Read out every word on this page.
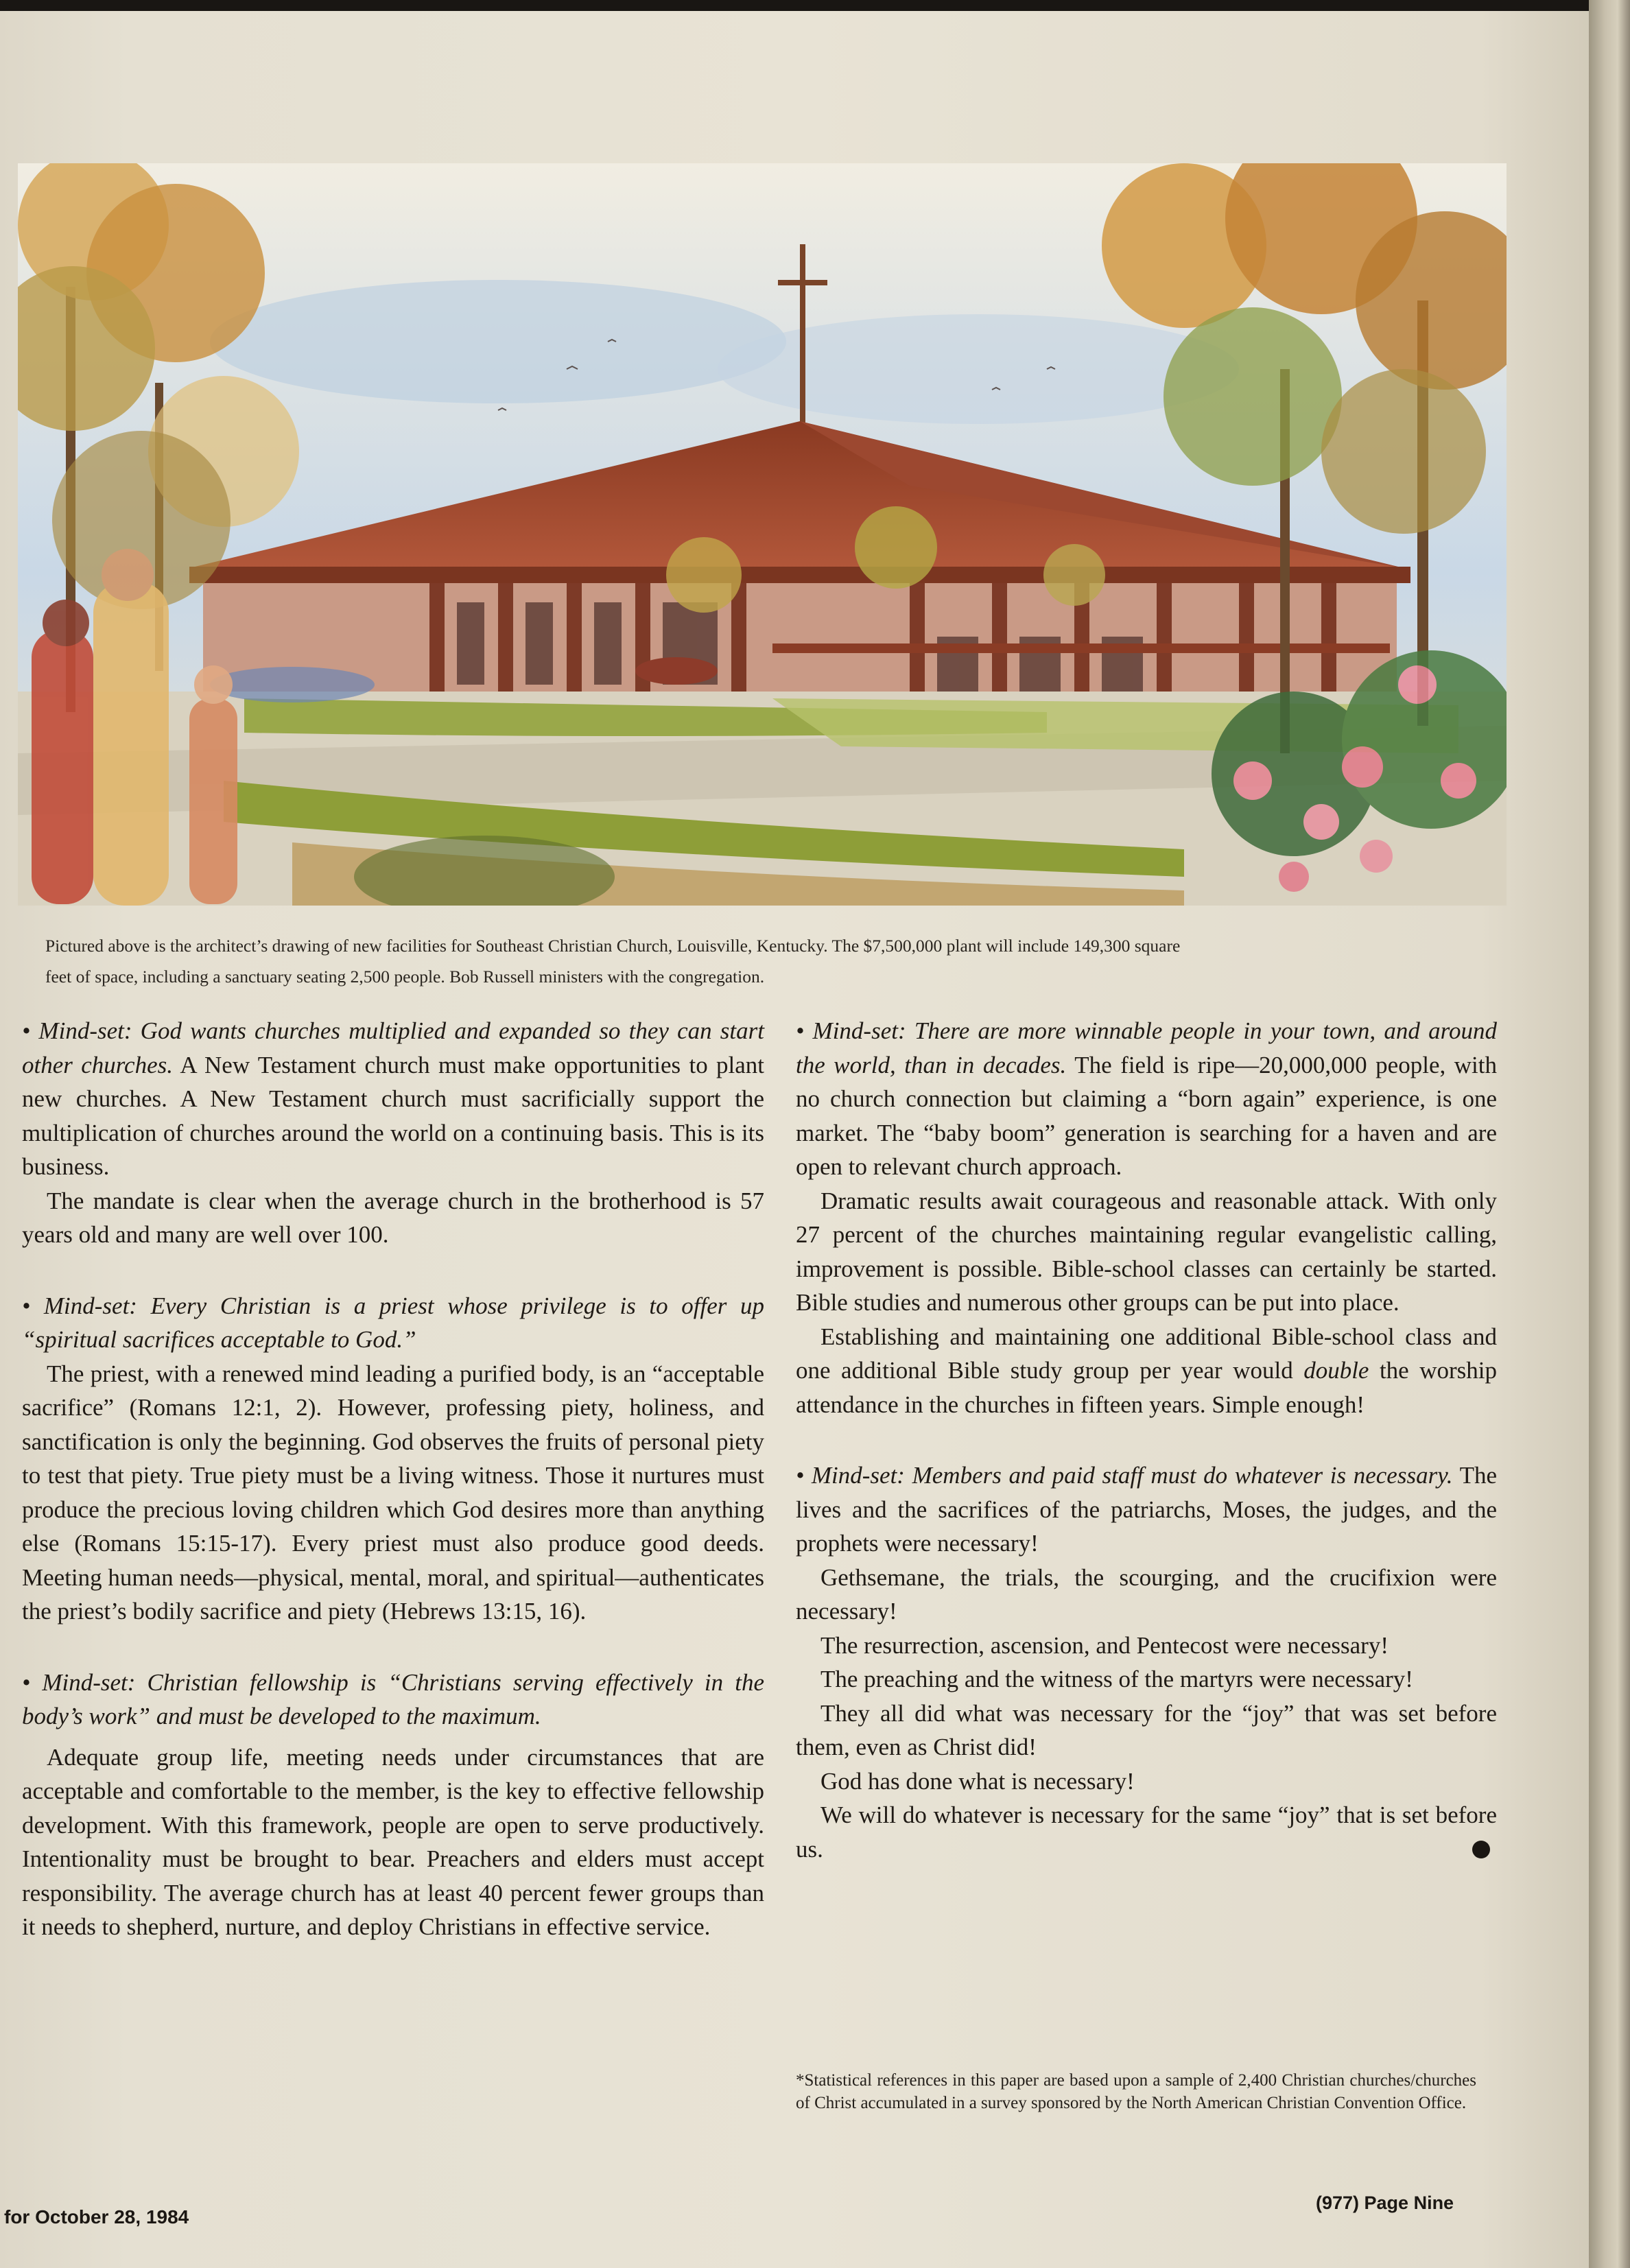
Pictured above is the architect’s drawing of new facilities for Southeast Christian Church, Louisville, Kentucky. The $7,500,000 plant will include 149,300 square
feet of space, including a sanctuary seating 2,500 people. Bob Russell ministers with the congregation.

• Mind-set: God wants churches multiplied and expanded so they can start other churches. A New Testament church must make opportunities to plant new churches. A New Testament church must sacrificially support the multiplication of churches around the world on a continuing basis. This is its business.

The mandate is clear when the average church in the brotherhood is 57 years old and many are well over 100.

• Mind-set: Every Christian is a priest whose privilege is to offer up “spiritual sacrifices acceptable to God.”

The priest, with a renewed mind leading a purified body, is an “acceptable sacrifice” (Romans 12:1, 2). However, professing piety, holiness, and sanctification is only the beginning. God observes the fruits of personal piety to test that piety. True piety must be a living witness. Those it nurtures must produce the precious loving children which God desires more than anything else (Romans 15:15-17). Every priest must also produce good deeds. Meeting human needs—physical, mental, moral, and spiritual—authenticates the priest’s bodily sacrifice and piety (Hebrews 13:15, 16).

• Mind-set: Christian fellowship is “Christians serving effectively in the body’s work” and must be developed to the maximum.

Adequate group life, meeting needs under circumstances that are acceptable and comfortable to the member, is the key to effective fellowship development. With this framework, people are open to serve productively. Intentionality must be brought to bear. Preachers and elders must accept responsibility. The average church has at least 40 percent fewer groups than it needs to shepherd, nurture, and deploy Christians in effective service.

• Mind-set: There are more winnable people in your town, and around the world, than in decades. The field is ripe—20,000,000 people, with no church connection but claiming a “born again” experience, is one market. The “baby boom” generation is searching for a haven and are open to relevant church approach.

Dramatic results await courageous and reasonable attack. With only 27 percent of the churches maintaining regular evangelistic calling, improvement is possible. Bible-school classes can certainly be started. Bible studies and numerous other groups can be put into place.

Establishing and maintaining one additional Bible-school class and one additional Bible study group per year would double the worship attendance in the churches in fifteen years. Simple enough!

• Mind-set: Members and paid staff must do whatever is necessary. The lives and the sacrifices of the patriarchs, Moses, the judges, and the prophets were necessary!

Gethsemane, the trials, the scourging, and the crucifixion were necessary!

The resurrection, ascension, and Pentecost were necessary!

The preaching and the witness of the martyrs were necessary!

They all did what was necessary for the “joy” that was set before them, even as Christ did!

God has done what is necessary!

We will do whatever is necessary for the same “joy” that is set before us.

*Statistical references in this paper are based upon a sample of 2,400 Christian churches/churches of Christ accumulated in a survey sponsored by the North American Christian Convention Office.
for October 28, 1984
(977) Page Nine
